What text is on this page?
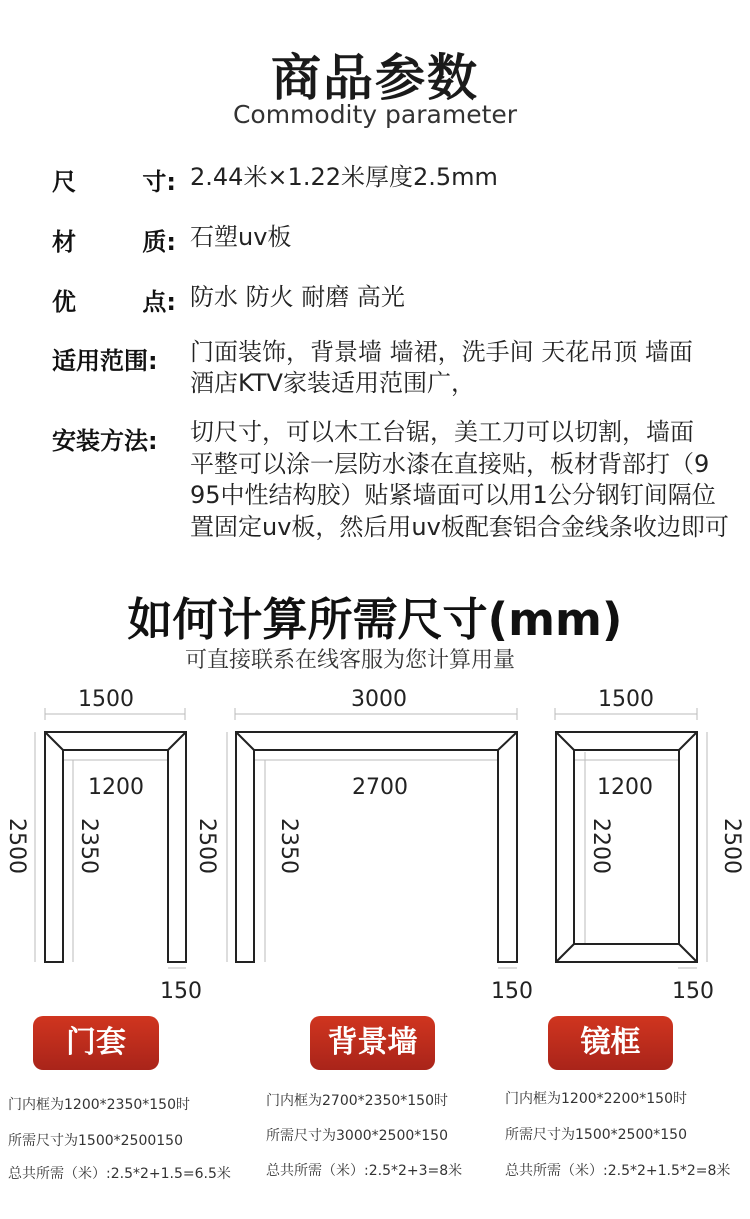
商品参数
Commodity parameter
尺	寸: 2.44米×1.22米厚度2.5mm
材	质: 石塑uv板
优	点: 防水 防火 耐磨 高光
适用范围:	门面装饰，背景墙 墙裙，洗手间 天花吊顶 墙面
酒店KTV家装适用范围广，
安装方法:	切尺寸，可以木工台锯，美工刀可以切割，墙面
平整可以涂一层防水漆在直接贴，板材背部打（9
95中性结构胶）贴紧墙面可以用1公分钢钉间隔位
置固定uv板，然后用uv板配套铝合金线条收边即可
如何计算所需尺寸(mm)
可直接联系在线客服为您计算用量
1500
1200
2500 2350
150
3000
2700
2500	2350
150
1500
1200
2500
2200
150
门套	背景墙	镜框
门内框为1200*2350*150时
所需尺寸为1500*2500150
总共所需（米）:2.5*2+1.5=6.5米
门内框为2700*2350*150时
所需尺寸为3000*2500*150
总共所需（米）:2.5*2+3=8米
门内框为1200*2200*150时
所需尺寸为1500*2500*150
总共所需（米）:2.5*2+1.5*2=8米
